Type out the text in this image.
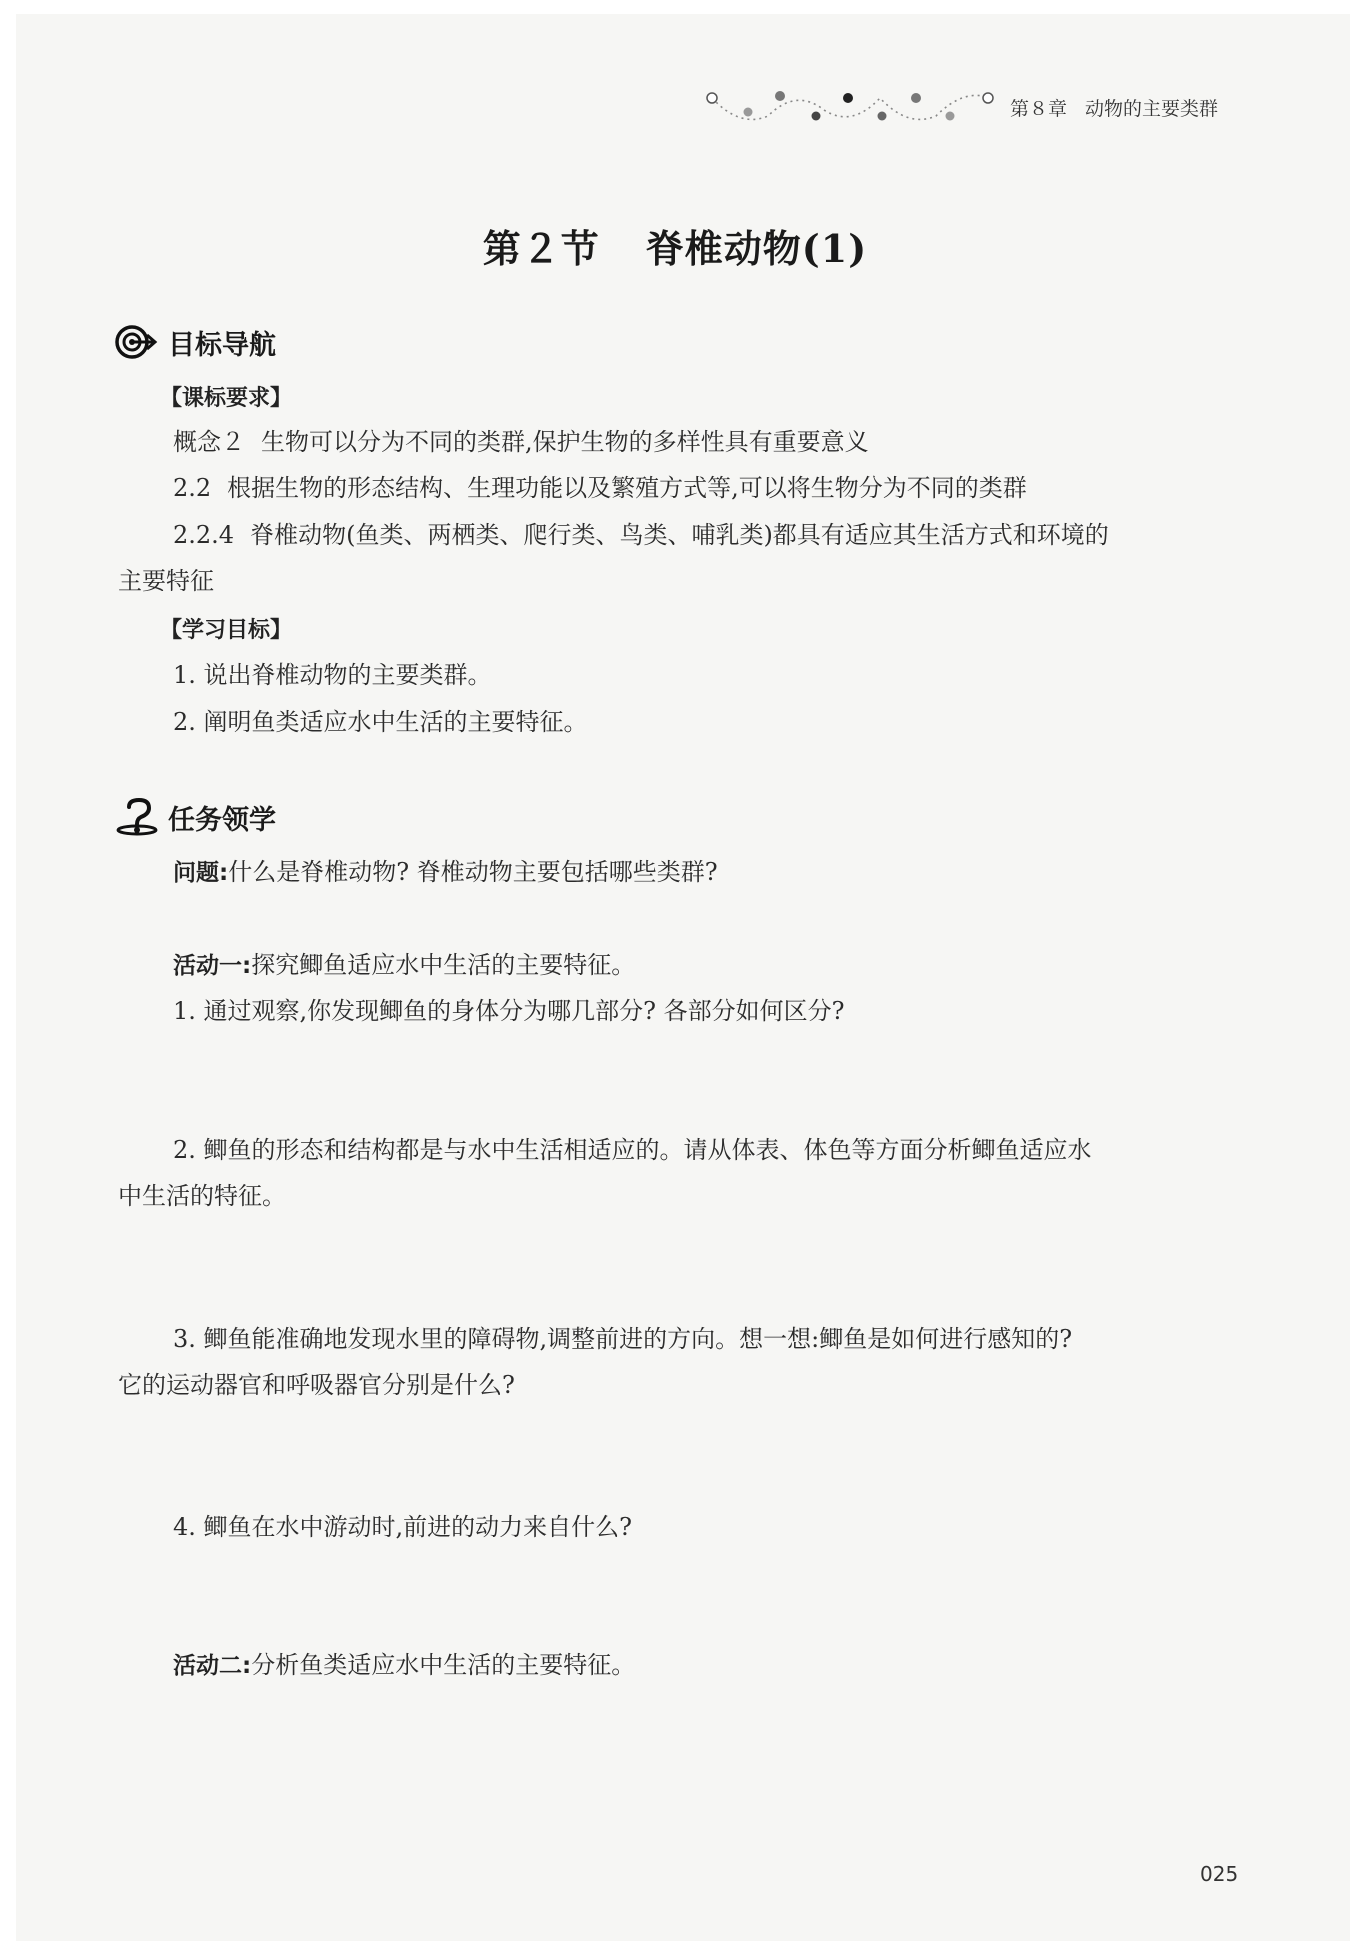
第８章 动物的主要类群
第２节 脊椎动物(1)
目标导航
【课标要求】
概念２ 生物可以分为不同的类群,保护生物的多样性具有重要意义
2.2 根据生物的形态结构、生理功能以及繁殖方式等,可以将生物分为不同的类群
2.2.4 脊椎动物(鱼类、两栖类、爬行类、鸟类、哺乳类)都具有适应其生活方式和环境的
主要特征
【学习目标】
1. 说出脊椎动物的主要类群。
2. 阐明鱼类适应水中生活的主要特征。
任务领学
问题:什么是脊椎动物? 脊椎动物主要包括哪些类群?
活动一:探究鲫鱼适应水中生活的主要特征。
1. 通过观察,你发现鲫鱼的身体分为哪几部分? 各部分如何区分?
2. 鲫鱼的形态和结构都是与水中生活相适应的。请从体表、体色等方面分析鲫鱼适应水
中生活的特征。
3. 鲫鱼能准确地发现水里的障碍物,调整前进的方向。想一想:鲫鱼是如何进行感知的?
它的运动器官和呼吸器官分别是什么?
4. 鲫鱼在水中游动时,前进的动力来自什么?
活动二:分析鱼类适应水中生活的主要特征。
025
